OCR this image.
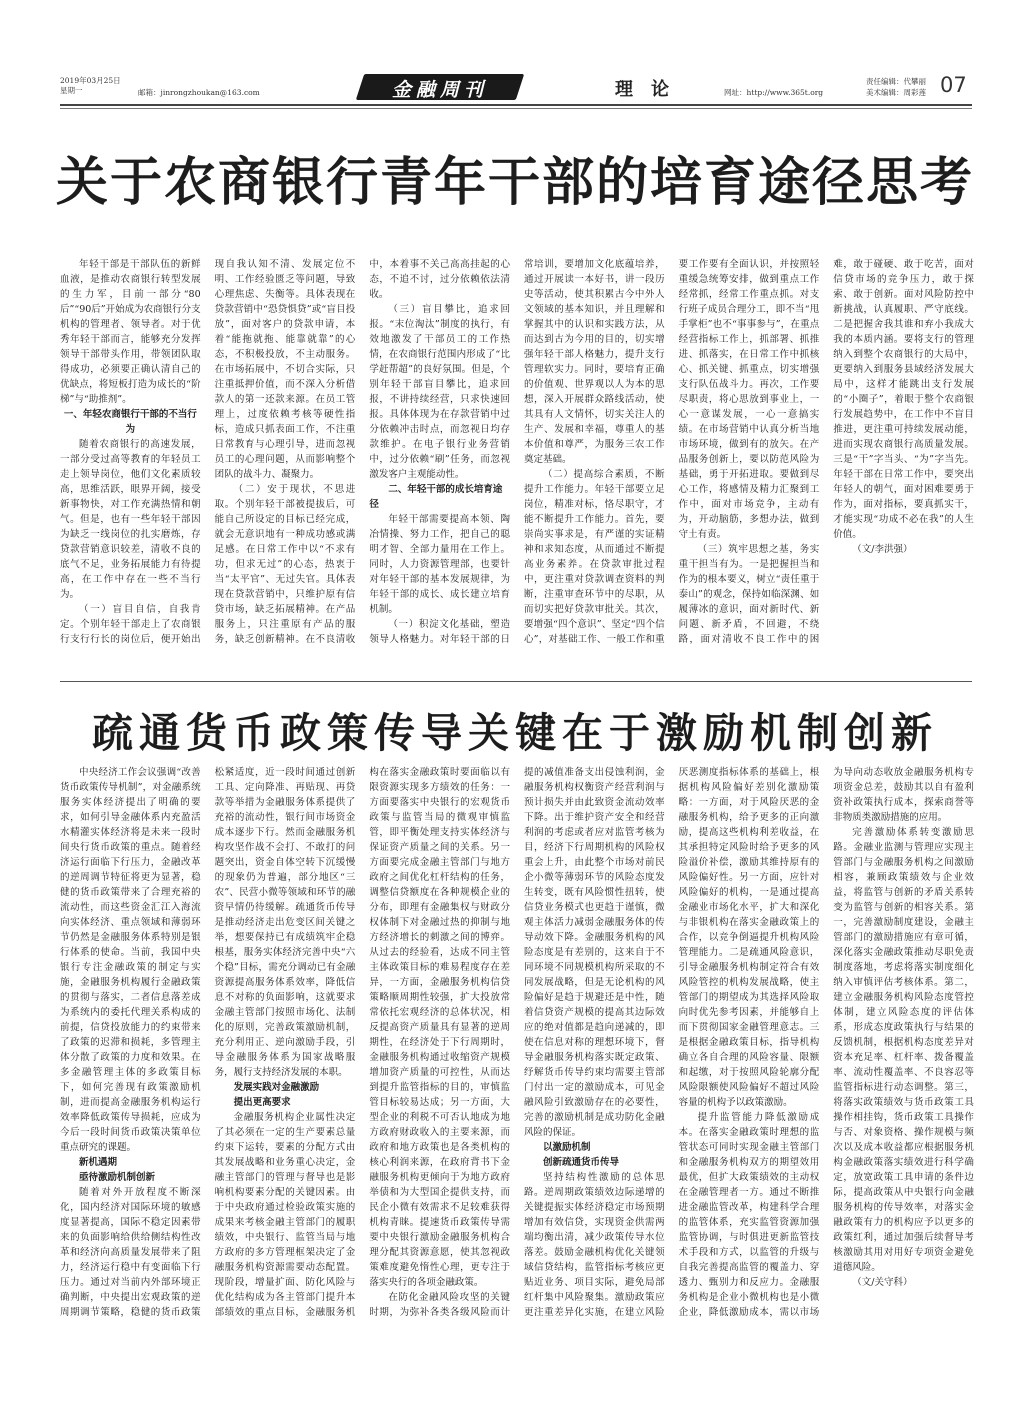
2019年03月25日
星期一	邮箱：jinrongzhoukan@163.com	金融周刊	理论	网址：http://www.365t.org
责任编辑：代攀丽
美术编辑：周彩莲 07
关于农商银行青年干部的培育途径思考

年轻干部是干部队伍的新鲜血液，是推动农商银行转型发展的生力军，目前一部分“80后”“90后”开始成为农商银行分支机构的管理者、领导者。对于优秀年轻干部而言，能够充分发挥领导干部带头作用，带领团队取得成功，必须要正确认清自己的优缺点，将短板打造为成长的“阶梯”与“助推剂”。

一、年轻农商银行干部的不当行为

随着农商银行的高速发展，一部分受过高等教育的年轻员工走上领导岗位，他们文化素质较高，思维活跃，眼界开阔，接受新事物快，对工作充满热情和朝气。但是，也有一些年轻干部因为缺乏一线岗位的扎实磨炼，存贷款营销意识较差，清收不良的底气不足，业务拓展能力有待提高，在工作中存在一些不当行为。

（一）盲目自信，自我肯定。个别年轻干部走上了农商银行支行行长的岗位后，便开始出现自我认知不清、发展定位不明、工作经验匮乏等问题，导致心理焦虑、失衡等。具体表现在贷款营销中“恐贷惧贷”或“盲目投放”，面对客户的贷款申请，本着“能拖就拖、能靠就靠”的心态，不积极投放，不主动服务。在市场拓展中，不切合实际，只注重抵押价值，而不深入分析借款人的第一还款来源。在员工管理上，过度依赖考核等硬性指标，造成只抓表面工作，不注重日常教育与心理引导，进而忽视员工的心理问题，从而影响整个团队的战斗力、凝聚力。

（二）安于现状，不思进取。个别年轻干部被提拔后，可能自己所设定的目标已经完成，就会无意识地有一种成功感或满足感。在日常工作中以“不求有功，但求无过”的心态，热衷于当“太平官”、无过失官。具体表现在贷款营销中，只维护原有信贷市场，缺乏拓展精神。在产品服务上，只注重原有产品的服务，缺乏创新精神。在不良清收中，本着事不关己高高挂起的心态，不追不讨，过分依赖依法清收。

（三）盲目攀比，追求回报。“末位淘汰”制度的执行，有效地激发了干部员工的工作热情，在农商银行范围内形成了“比学赶帮超”的良好氛围。但是，个别年轻干部盲目攀比，追求回报，不讲持续经营，只求快速回报。具体体现为在存款营销中过分依赖冲击时点，而忽视日均存款维护。在电子银行业务营销中，过分依赖“刷”任务，而忽视激发客户主观能动性。

二、年轻干部的成长培育途径

年轻干部需要提高本领、陶冶情操、努力工作，把自己的聪明才智、全部力量用在工作上。同时，人力资源管理部，也要针对年轻干部的基本发展规律，为年轻干部的成长、成长建立培育机制。

（一）积淀文化基础，塑造领导人格魅力。对年轻干部的日常培训，要增加文化底蕴培养，通过开展读一本好书，讲一段历史等活动，使其积累古今中外人文领域的基本知识，并且理解和掌握其中的认识和实践方法，从而达到古为今用的目的，切实增强年轻干部人格魅力，提升支行管理软实力。同时，要培育正确的价值观、世界观以人为本的思想，深入开展群众路线活动，使其具有人文情怀，切实关注人的生产、发展和幸福，尊重人的基本价值和尊严，为服务三农工作奠定基础。

（二）提高综合素质，不断提升工作能力。年轻干部要立足岗位，精准对标，恪尽职守，才能不断提升工作能力。首先，要崇尚实事求是，有严谨的实证精神和求知态度，从而通过不断提高业务素养。在贷款审批过程中，更注重对贷款调查资料的判断，注重审查环节中的尽职，从而切实把好贷款审批关。其次，要增强“四个意识”、坚定“四个信心”，对基础工作、一般工作和重要工作要有全面认识，并按照轻重缓急统筹安排，做到重点工作经常抓，经常工作重点抓。对支行班子成员合理分工，即不当“甩手掌柜”也不“事事参与”，在重点经营指标工作上，抓部署、抓推进、抓落实，在日常工作中抓核心、抓关键、抓重点，切实增强支行队伍战斗力。再次，工作要尽职责，将心思放到事业上，一心一意谋发展，一心一意搞实绩。在市场营销中认真分析当地市场环境，做到有的放矢。在产品服务创新上，要以防范风险为基础，勇于开拓进取。要做到尽心工作，将感情及精力汇聚到工作中，面对市场竞争，主动有为，开动脑筋，多想办法，做到守土有责。

（三）筑牢思想之基，务实重干担当有为。一是把握担当和作为的根本要义，树立“责任重于泰山”的观念，保持如临深渊、如履薄冰的意识，面对新时代、新问题、新矛盾，不回避，不绕路，面对清收不良工作中的困难，敢于碰硬、敢于吃苦，面对信贷市场的竞争压力，敢于探索、敢于创新。面对风险防控中新挑战，认真履职、严守底线。二是把握舍我其谁和弃小我成大我的本质内涵。要将支行的管理纳入到整个农商银行的大局中，更要纳入到服务县域经济发展大局中，这样才能跳出支行发展的“小圈子”，着眼于整个农商银行发展趋势中，在工作中不盲目推进，更注重可持续发展动能，进而实现农商银行高质量发展。三是“干”字当头、“为”字当先。年轻干部在日常工作中，要突出年轻人的朝气，面对困难要勇于作为，面对指标，要真抓实干，才能实现“功成不必在我”的人生价值。

（文/李洪强）

疏通货币政策传导关键在于激励机制创新

中央经济工作会议强调“改善货币政策传导机制”，对金融系统服务实体经济提出了明确的要求，如何引导金融体系内充盈活水精灌实体经济将是未来一段时间央行货币政策的重点。随着经济运行面临下行压力，金融改革的逆周调节特征将更为显著，稳健的货币政策带来了合理充裕的流动性，而这些资金汇江入海流向实体经济、重点领域和薄弱环节仍然是金融服务体系特别是银行体系的使命。当前，我国中央银行专注金融政策的制定与实施，金融服务机构履行金融政策的贯彻与落实，二者信息落差成为系统内的委托代理关系构成的前提，信贷投放能力的约束带来了政策的迟滞和损耗，多管理主体分散了政策的力度和效果。在多金融管理主体的多政策目标下，如何完善现有政策激励机制，进而提高金融服务机构运行效率降低政策传导损耗，应成为今后一段时间货币政策决策单位重点研究的课题。

新机遇期
亟待激励机制创新

随着对外开放程度不断深化，国内经济对国际环境的敏感度显著提高，国际不稳定因素带来的负面影响给供给侧结构性改革和经济向高质量发展带来了阻力，经济运行稳中有变面临下行压力。通过对当前内外部环境正确判断，中央提出宏观政策的逆周期调节策略，稳健的货币政策松紧适度，近一段时间通过创新工具、定向降准、再贴现、再贷款等举措为金融服务体系提供了充裕的流动性，银行间市场资金成本逐步下行。然而金融服务机构攻坚作战不会打、不敢打的问题突出，资金自体空转下沉缓慢的现象仍为普遍，部分地区“三农”、民营小微等领域和环节的融资早情仍待缓解。疏通货币传导是推动经济走出危变区间关键之举，想要保持已有成绩筑牢企稳根基，服务实体经济完善中央“六个稳”目标，需充分调动已有金融资源提高服务体系效率，降低信息不对称的负面影响，这就要求金融主管部门按照市场化、法制化的原则，完善政策激励机制，充分利用正、逆向激励手段，引导金融服务体系为国家战略服务，履行支持经济发展的本职。

发展实践对金融激励
提出更高要求

金融服务机构企业属性决定了其必须在一定的生产要素总量约束下运转，要素的分配方式由其发展战略和业务重心决定，金融主管部门的管理与督导也是影响机构要素分配的关键因素。由于中央政府通过检验政策实施的成果来考核金融主管部门的履职绩效，中央银行、监管当局与地方政府的多方管理框架决定了金融服务机构资源需要动态配置。现阶段，增量扩面、防化风险与优化结构成为各主管部门提升本部绩效的重点目标，金融服务机构在落实金融政策时要面临以有限资源实现多方绩效的任务：一方面要落实中央银行的宏观货币政策与监管当局的微观审慎监管，即平衡处理支持实体经济与保证资产质量之间的关系。另一方面要完成金融主管部门与地方政府之间优化杠杆结构的任务，调整信贷额度在各种规模企业的分布，即理有金融集权与财政分权体制下对金融过热的抑制与地方经济增长的刺激之间的博弈。从过去的经验看，达成不同主管主体政策目标的难易程度存在差异，一方面，金融服务机构信贷策略顺周期性较强，扩大投放常常依托宏观经济的总体状况，相反提高资产质量具有显著的逆周期性，在经济处于下行周期时，金融服务机构通过收缩资产规模增加资产质量的可控性，从而达到提升监管指标的目的，审慎监管目标较易达成；另一方面，大型企业的利税不可否认地成为地方政府财政收入的主要来源，而政府和地方政策也是各类机构的核心利润来源，在政府背书下金融服务机构更倾向于为地方政府举债和为大型国企提供支持，而民企小微有效需求不足较难获得机构青睐。提速货币政策传导需要中央银行激励金融服务机构合理分配其资源意愿，使其忽视政策难度避免惰性心理，更专注于落实央行的各项金融政策。

在防化金融风险攻坚的关键时期，为弥补各类各级风险而计提的减值准备支出侵蚀利润，金融服务机构权衡资产经营利润与预计损失并由此致资金流动效率下降。出于维护资产安全和经营利润的考虑或者应对监管考核为目，经济下行周期机构的风险权重会上升，由此整个市场对前民企小微等薄弱环节的风险态度发生转变，既有风险惯性扭转，使信贷业务模式也更趋于谨慎，微观主体活力减弱金融服务体的传导动效下降。金融服务机构的风险态度是有差别的，这来自于不同环境不同规模机构所采取的不同发展战略，但是无论机构的风险偏好是趋于规避还是中性，随着信贷资产规模的提高其边际效应的绝对值都是趋向递减的，即使在信息对称的理想环境下，督导金融服务机构落实既定政策、纾解货币传导约束均需要主管部门付出一定的激励成本，可见金融风险引致激励存在的必要性，完善的激励机制是成功防化金融风险的保证。

以激励机制
创新疏通货币传导

坚持结构性激励的总体思路。逆周期政策绩效边际递增的关键提振实体经济稳定市场预期增加有效信贷，实现资金供需两端均衡出清，减少政策传导水位落差。鼓励金融机构优化关键领域信贷结构，监管指标考核应更贴近业务、项目实际，避免局部红杆集中风险聚集。激励政策应更注重差异化实施，在建立风险厌恶测度指标体系的基础上，根据机构风险偏好差别化激励策略：一方面，对于风险厌恶的金融服务机构，给予更多的正向激励，提高这些机构利差收益，在其承担特定风险时给予更多的风险溢价补偿，激励其维持原有的风险偏好性。另一方面，应针对风险偏好的机构，一是通过提高金融业市场化水平，扩大和深化与非银机构在落实金融政策上的合作，以竞争倒逼提升机构风险管理能力。二是疏通风险意识，引导金融服务机构制定符合有效风险管控的机构发展战略，使主管部门的期望成为其选择风险取向时优先参考因素，并能够自上而下贯彻国家金融管理意志。三是根据金融政策目标，指导机构确立各自合理的风险容量、限额和起缴，对于按照风险轮廓分配风险限额使风险偏好不超过风险容量的机构予以政策激励。

提升监管能力降低激励成本。在落实金融政策时理想的监管状态可同时实现金融主管部门和金融服务机构双方的期望效用最优，但扩大政策绩效的主动权在金融管理者一方。通过不断推进金融监管改革，构建科学合理的监管体系，充实监管资源加强监管协调，与时俱进更新监管技术手段和方式，以监管的升级与自我完善提高监管的覆盖力、穿透力、甄别力和反应力。金融服务机构是企业小微机构也是小微企业，降低激励成本，需以市场为导向动态收放金融服务机构专项资金总差，鼓励其以自有盈利资补政策执行成本，探索商誉等非物质类激励措施的应用。

完善激励体系转变激励思路。金融业监测与管理应实现主管部门与金融服务机构之间激励相容，兼顾政策绩效与企业效益，将监管与创新的矛盾关系转变为监管与创新的相容关系。第一，完善激励制度建设，金融主管部门的激励措施应有章可循，深化落实金融政策推动尽职免责制度落地，考虑将落实制度细化纳入审慎评估考核体系。第二，建立金融服务机构风险态度管控体制，建立风险态度的评估体系，形成态度政策执行与结果的反馈机制，根据机构态度差异对资本充足率、杠杆率、拨备覆盖率、流动性覆盖率、不良容忍等监管指标进行动态调整。第三，将落实政策绩效与货币政策工具操作相挂钩，货币政策工具操作与否、对象资格、操作规模与频次以及成本收益都应根据服务机构金融政策落实绩效进行科学确定，放宽政策工具申请的条件边际，提高政策从中央银行向金融服务机构的传导效率，对落实金融政策有力的机构应予以更多的政策红利，通过加强后续督导考核激励其用对用好专项资金避免道德风险。

（文/关守科）
